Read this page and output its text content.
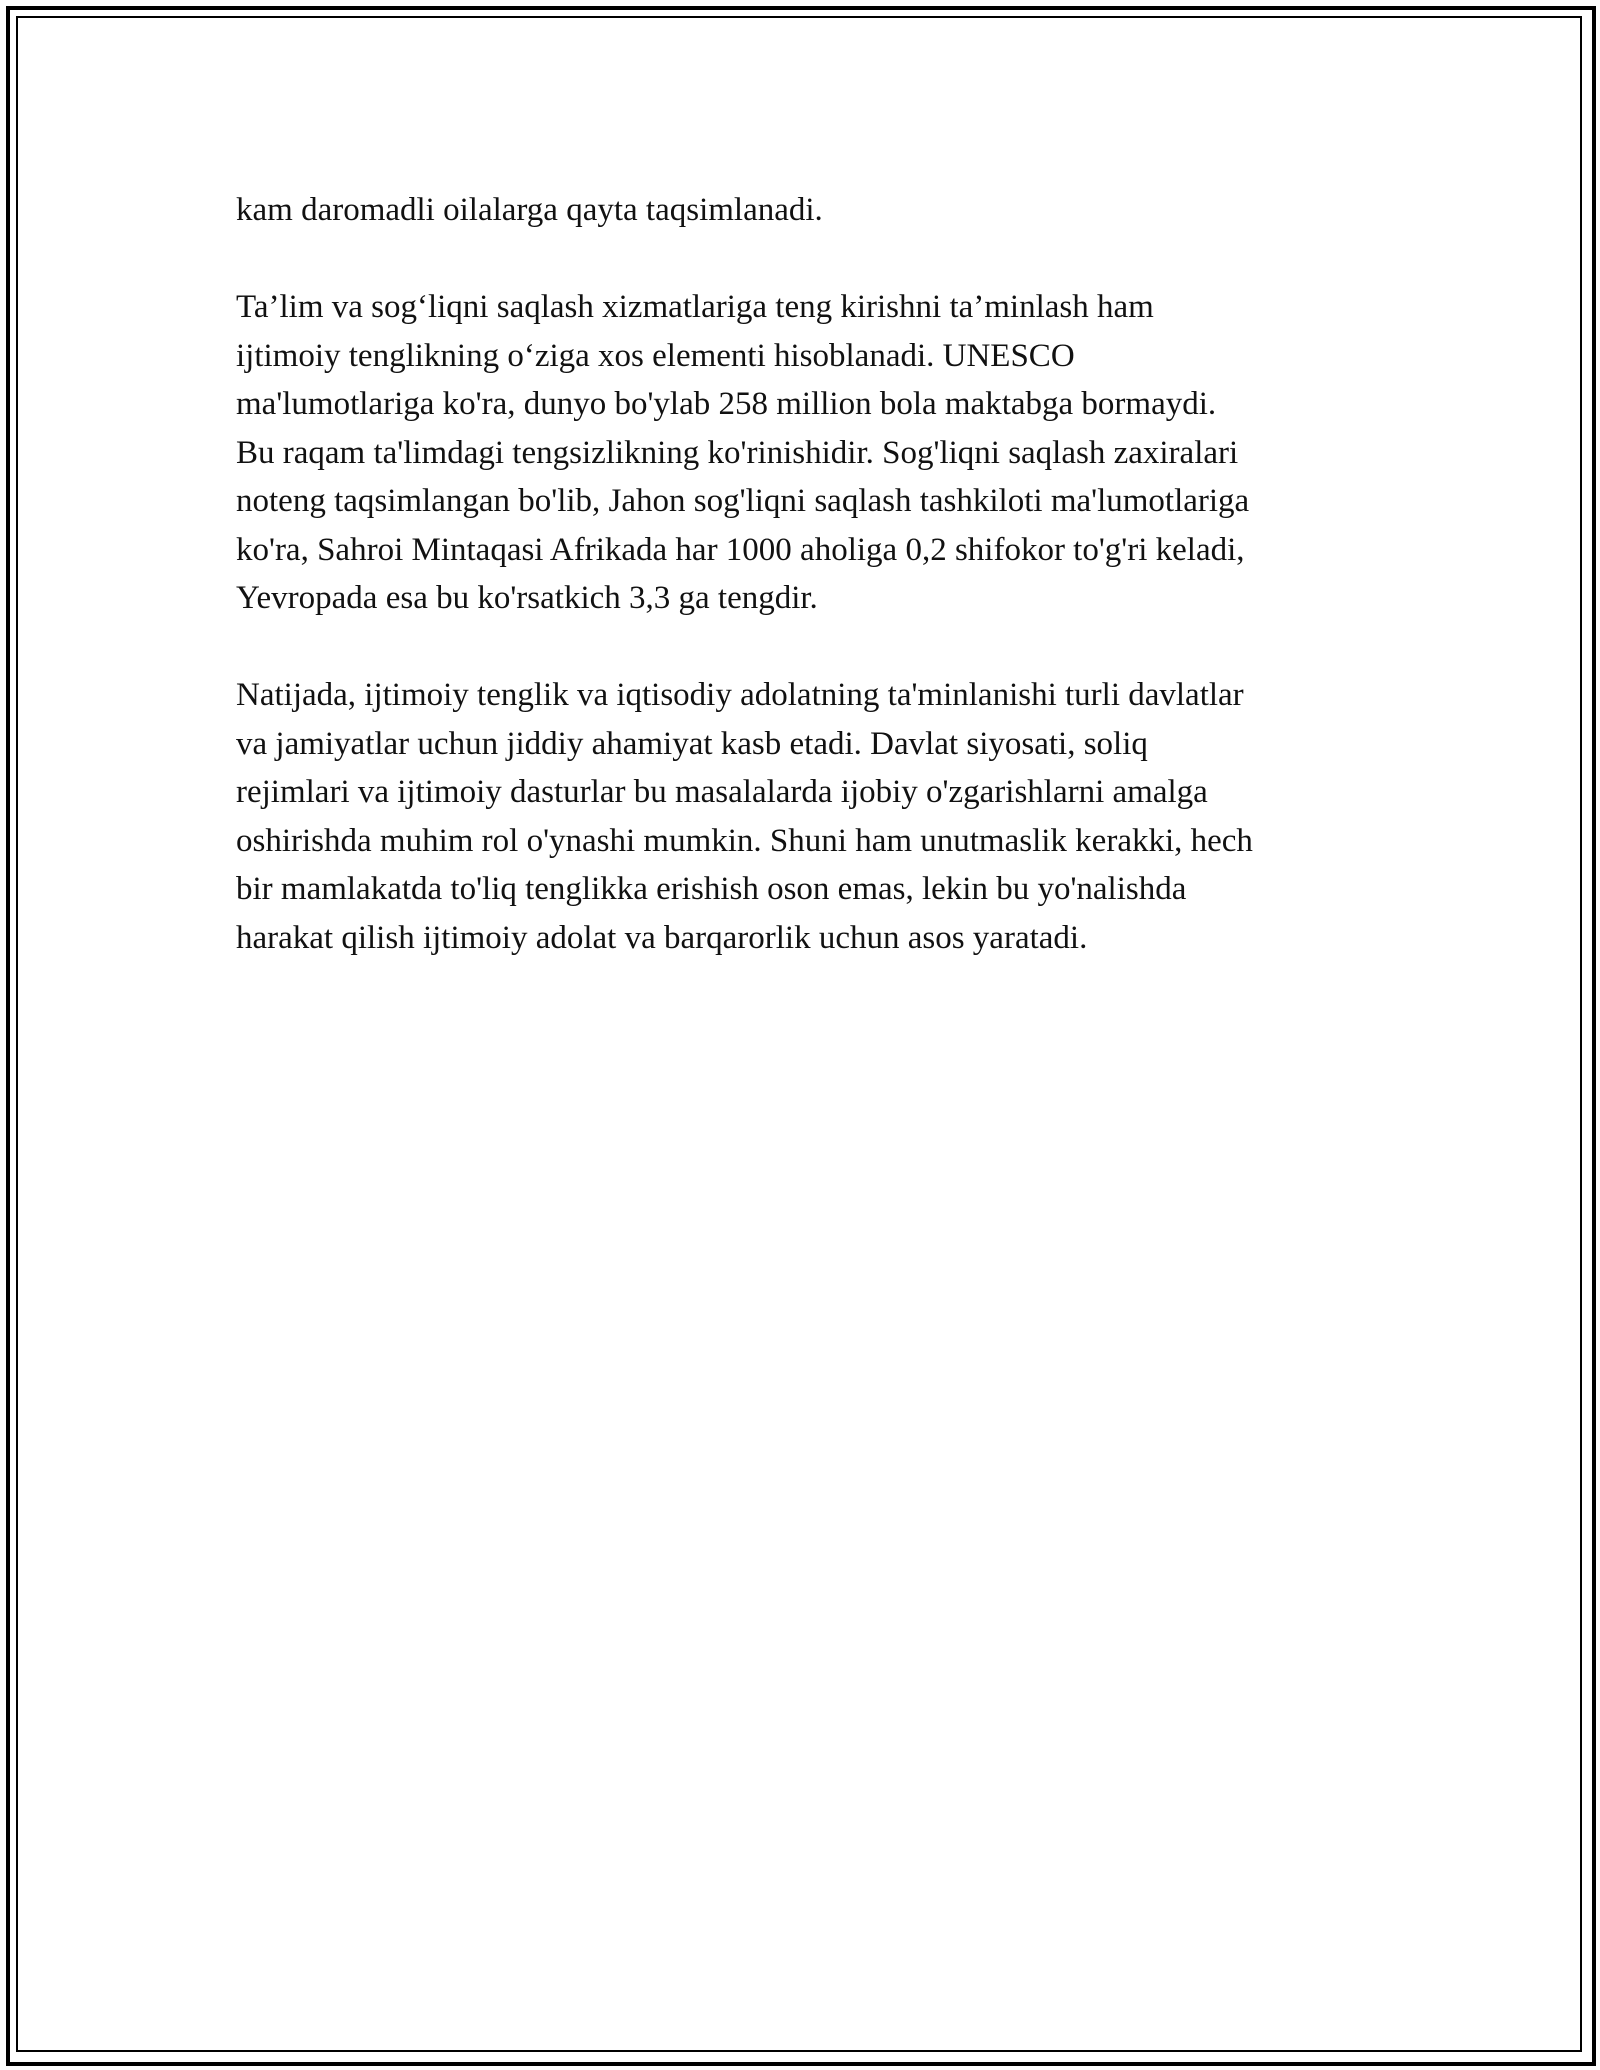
kam daromadli oilalarga qayta taqsimlanadi.

Ta’lim va sog‘liqni saqlash xizmatlariga teng kirishni ta’minlash ham
ijtimoiy tenglikning o‘ziga xos elementi hisoblanadi. UNESCO
ma'lumotlariga ko'ra, dunyo bo'ylab 258 million bola maktabga bormaydi.
Bu raqam ta'limdagi tengsizlikning ko'rinishidir. Sog'liqni saqlash zaxiralari
noteng taqsimlangan bo'lib, Jahon sog'liqni saqlash tashkiloti ma'lumotlariga
ko'ra, Sahroi Mintaqasi Afrikada har 1000 aholiga 0,2 shifokor to'g'ri keladi,
Yevropada esa bu ko'rsatkich 3,3 ga tengdir.

Natijada, ijtimoiy tenglik va iqtisodiy adolatning ta'minlanishi turli davlatlar
va jamiyatlar uchun jiddiy ahamiyat kasb etadi. Davlat siyosati, soliq
rejimlari va ijtimoiy dasturlar bu masalalarda ijobiy o'zgarishlarni amalga
oshirishda muhim rol o'ynashi mumkin. Shuni ham unutmaslik kerakki, hech
bir mamlakatda to'liq tenglikka erishish oson emas, lekin bu yo'nalishda
harakat qilish ijtimoiy adolat va barqarorlik uchun asos yaratadi.
